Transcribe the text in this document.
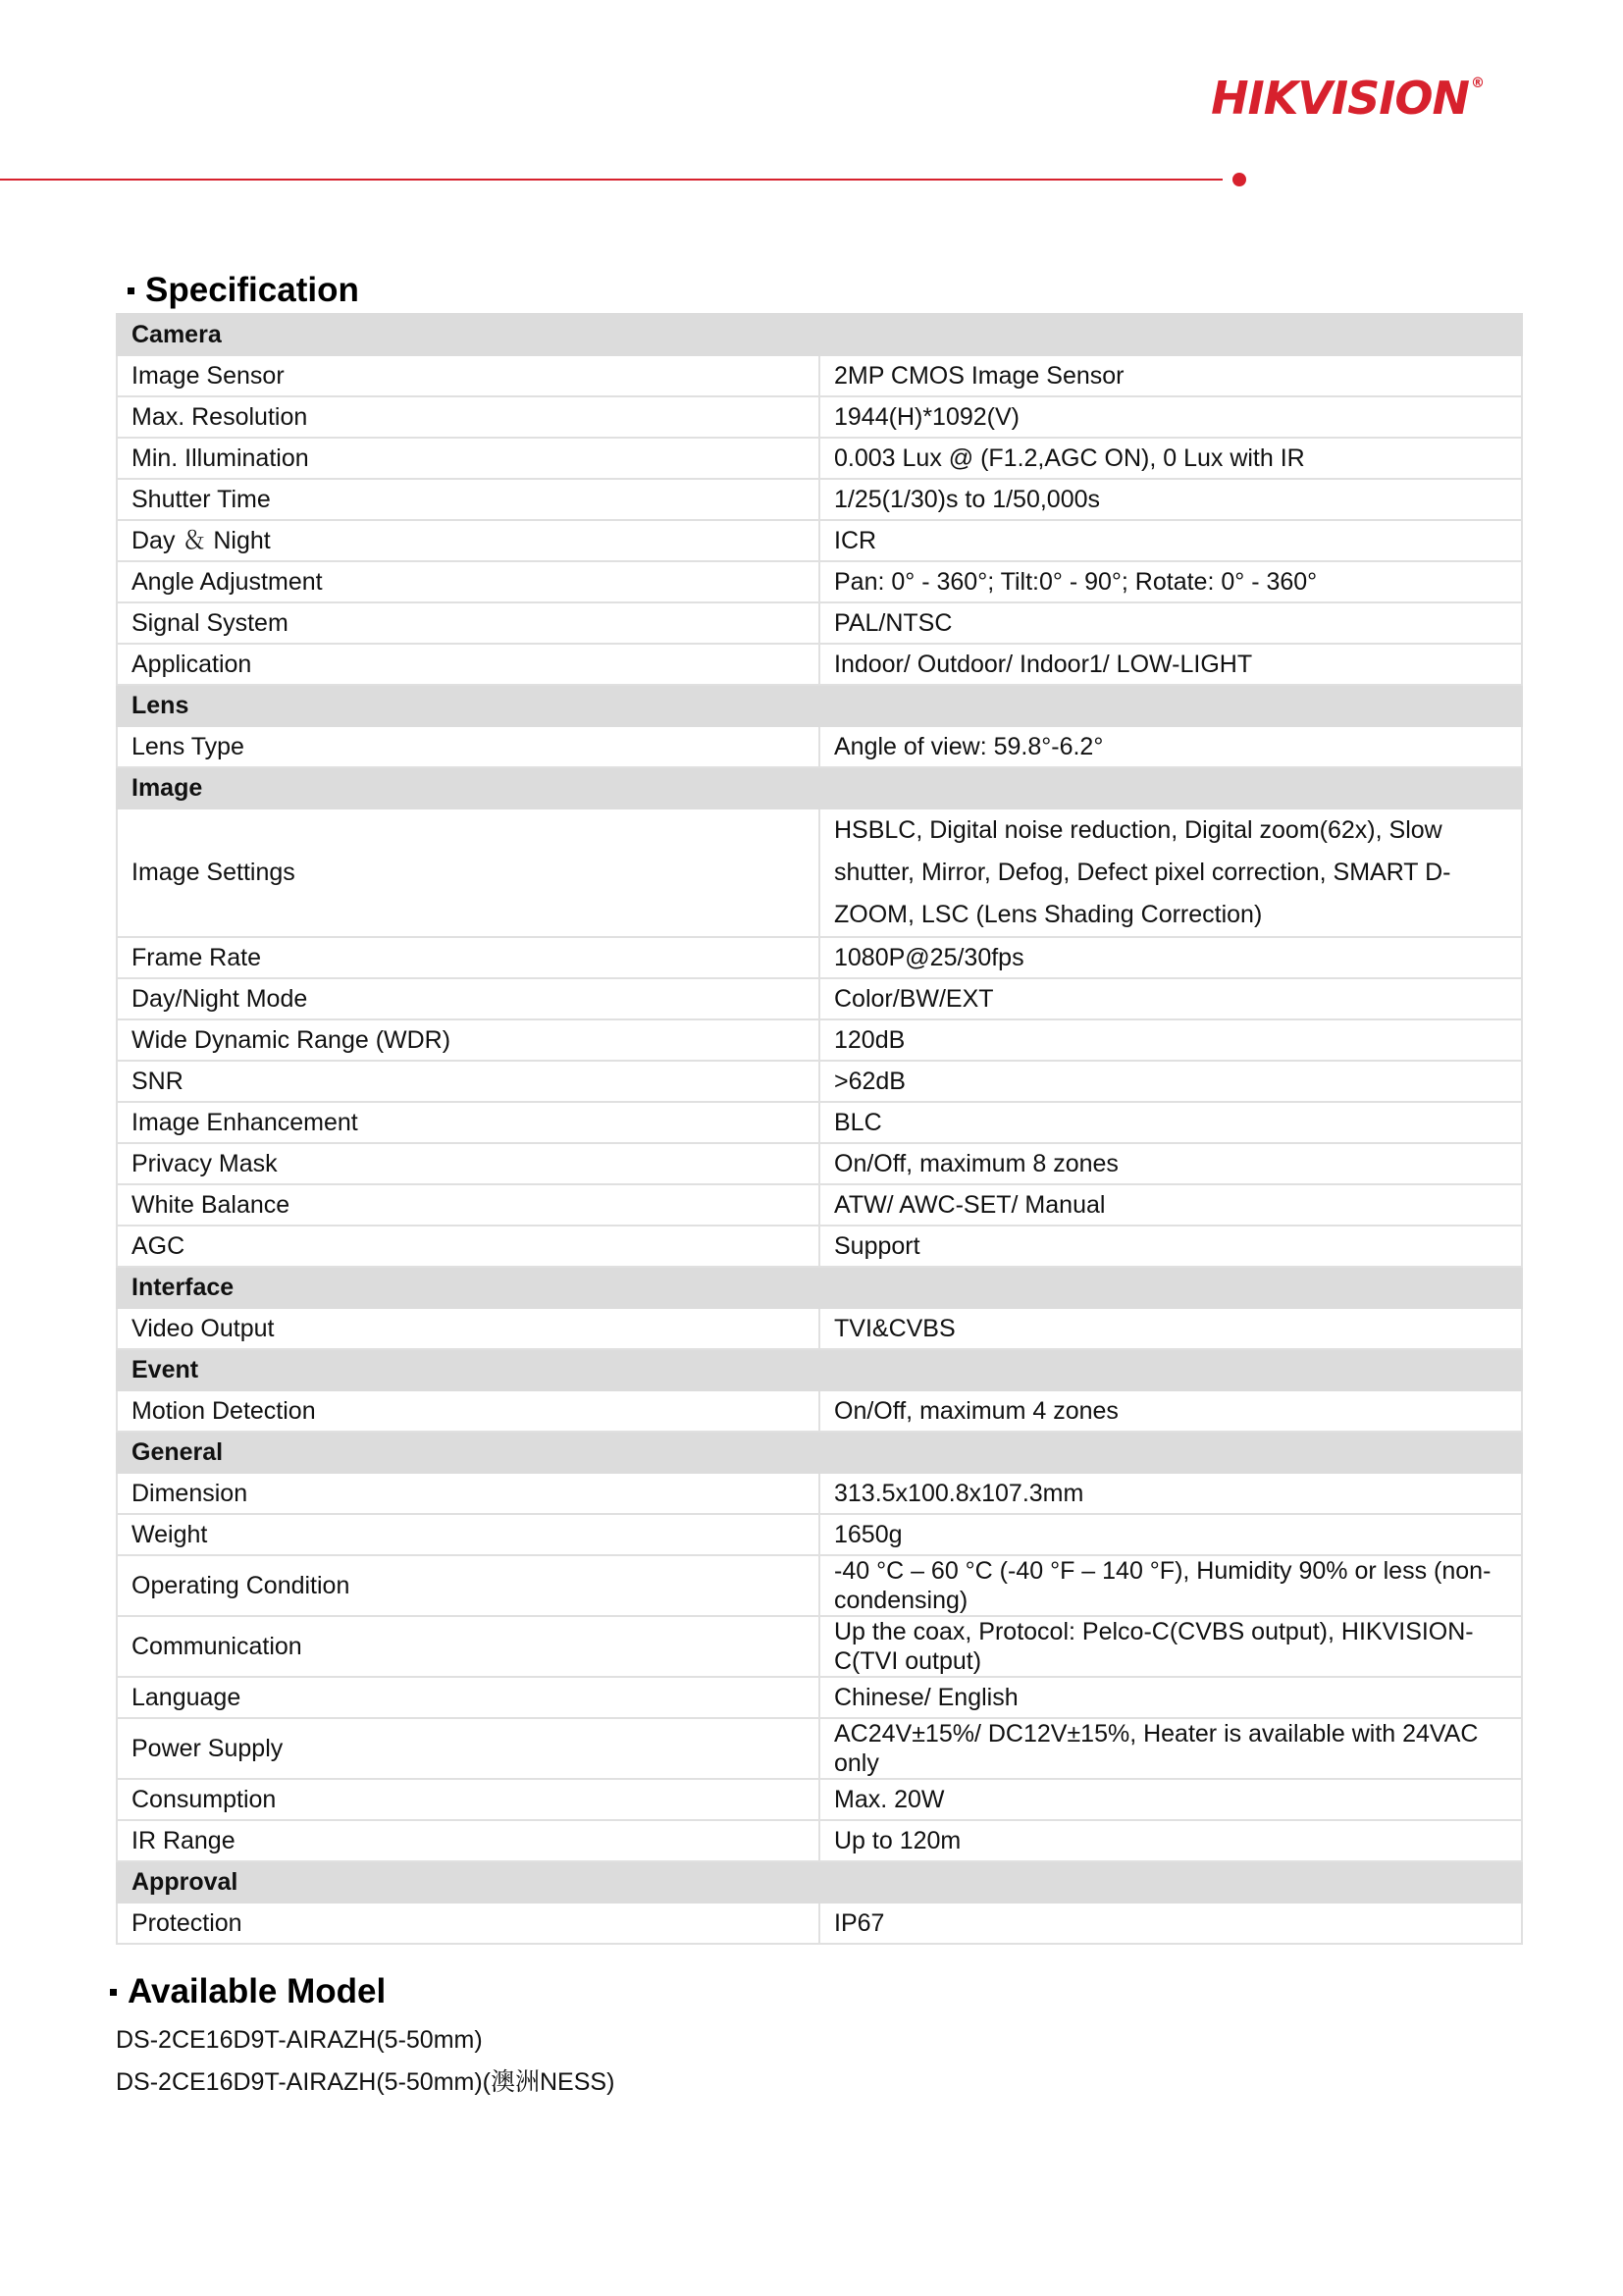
HIKVISION ®
Specification
Camera	
Image Sensor	2MP CMOS Image Sensor
Max. Resolution	1944(H)*1092(V)
Min. Illumination	0.003 Lux @ (F1.2,AGC ON), 0 Lux with IR
Shutter Time	1/25(1/30)s to 1/50,000s
Day ＆ Night	ICR
Angle Adjustment	Pan: 0° - 360°; Tilt:0° - 90°; Rotate: 0° - 360°
Signal System	PAL/NTSC
Application	Indoor/ Outdoor/ Indoor1/ LOW-LIGHT
Lens	
Lens Type	Angle of view: 59.8°-6.2°
Image	
Image Settings	HSBLC, Digital noise reduction, Digital zoom(62x), Slow shutter, Mirror, Defog, Defect pixel correction, SMART D-ZOOM, LSC (Lens Shading Correction)
Frame Rate	1080P@25/30fps
Day/Night Mode	Color/BW/EXT
Wide Dynamic Range (WDR)	120dB
SNR	>62dB
Image Enhancement	BLC
Privacy Mask	On/Off, maximum 8 zones
White Balance	ATW/ AWC-SET/ Manual
AGC	Support
Interface	
Video Output	TVI&CVBS
Event	
Motion Detection	On/Off, maximum 4 zones
General	
Dimension	313.5x100.8x107.3mm
Weight	1650g
Operating Condition	-40 °C – 60 °C (-40 °F – 140 °F), Humidity 90% or less (non-condensing)
Communication	Up the coax, Protocol: Pelco-C(CVBS output), HIKVISION-C(TVI output)
Language	Chinese/ English
Power Supply	AC24V±15%/ DC12V±15%, Heater is available with 24VAC only
Consumption	Max. 20W
IR Range	Up to 120m
Approval	
Protection	IP67
Available Model
DS-2CE16D9T-AIRAZH(5-50mm)
DS-2CE16D9T-AIRAZH(5-50mm)(澳洲NESS)
